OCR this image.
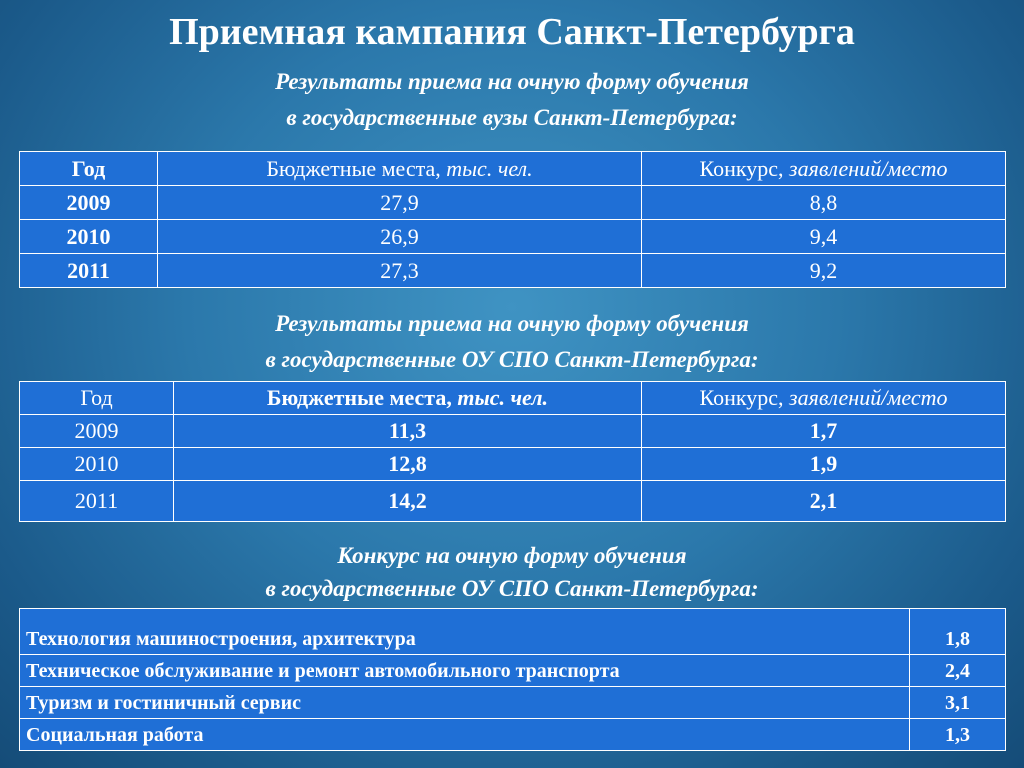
Приемная кампания Санкт-Петербурга
Результаты приема на очную форму обучения
в государственные вузы Санкт-Петербурга:
Год	Бюджетные места, тыс. чел.	Конкурс, заявлений/место
2009	27,9	8,8
2010	26,9	9,4
2011	27,3	9,2
Результаты приема на очную форму обучения
в государственные ОУ СПО Санкт-Петербурга:
Год	Бюджетные места, тыс. чел.	Конкурс, заявлений/место
2009	11,3	1,7
2010	12,8	1,9
2011	14,2	2,1
Конкурс на очную форму обучения
в государственные ОУ СПО Санкт-Петербурга:
Технология машиностроения, архитектура	1,8
Техническое обслуживание и ремонт автомобильного транспорта	2,4
Туризм и гостиничный сервис	3,1
Социальная работа	1,3
